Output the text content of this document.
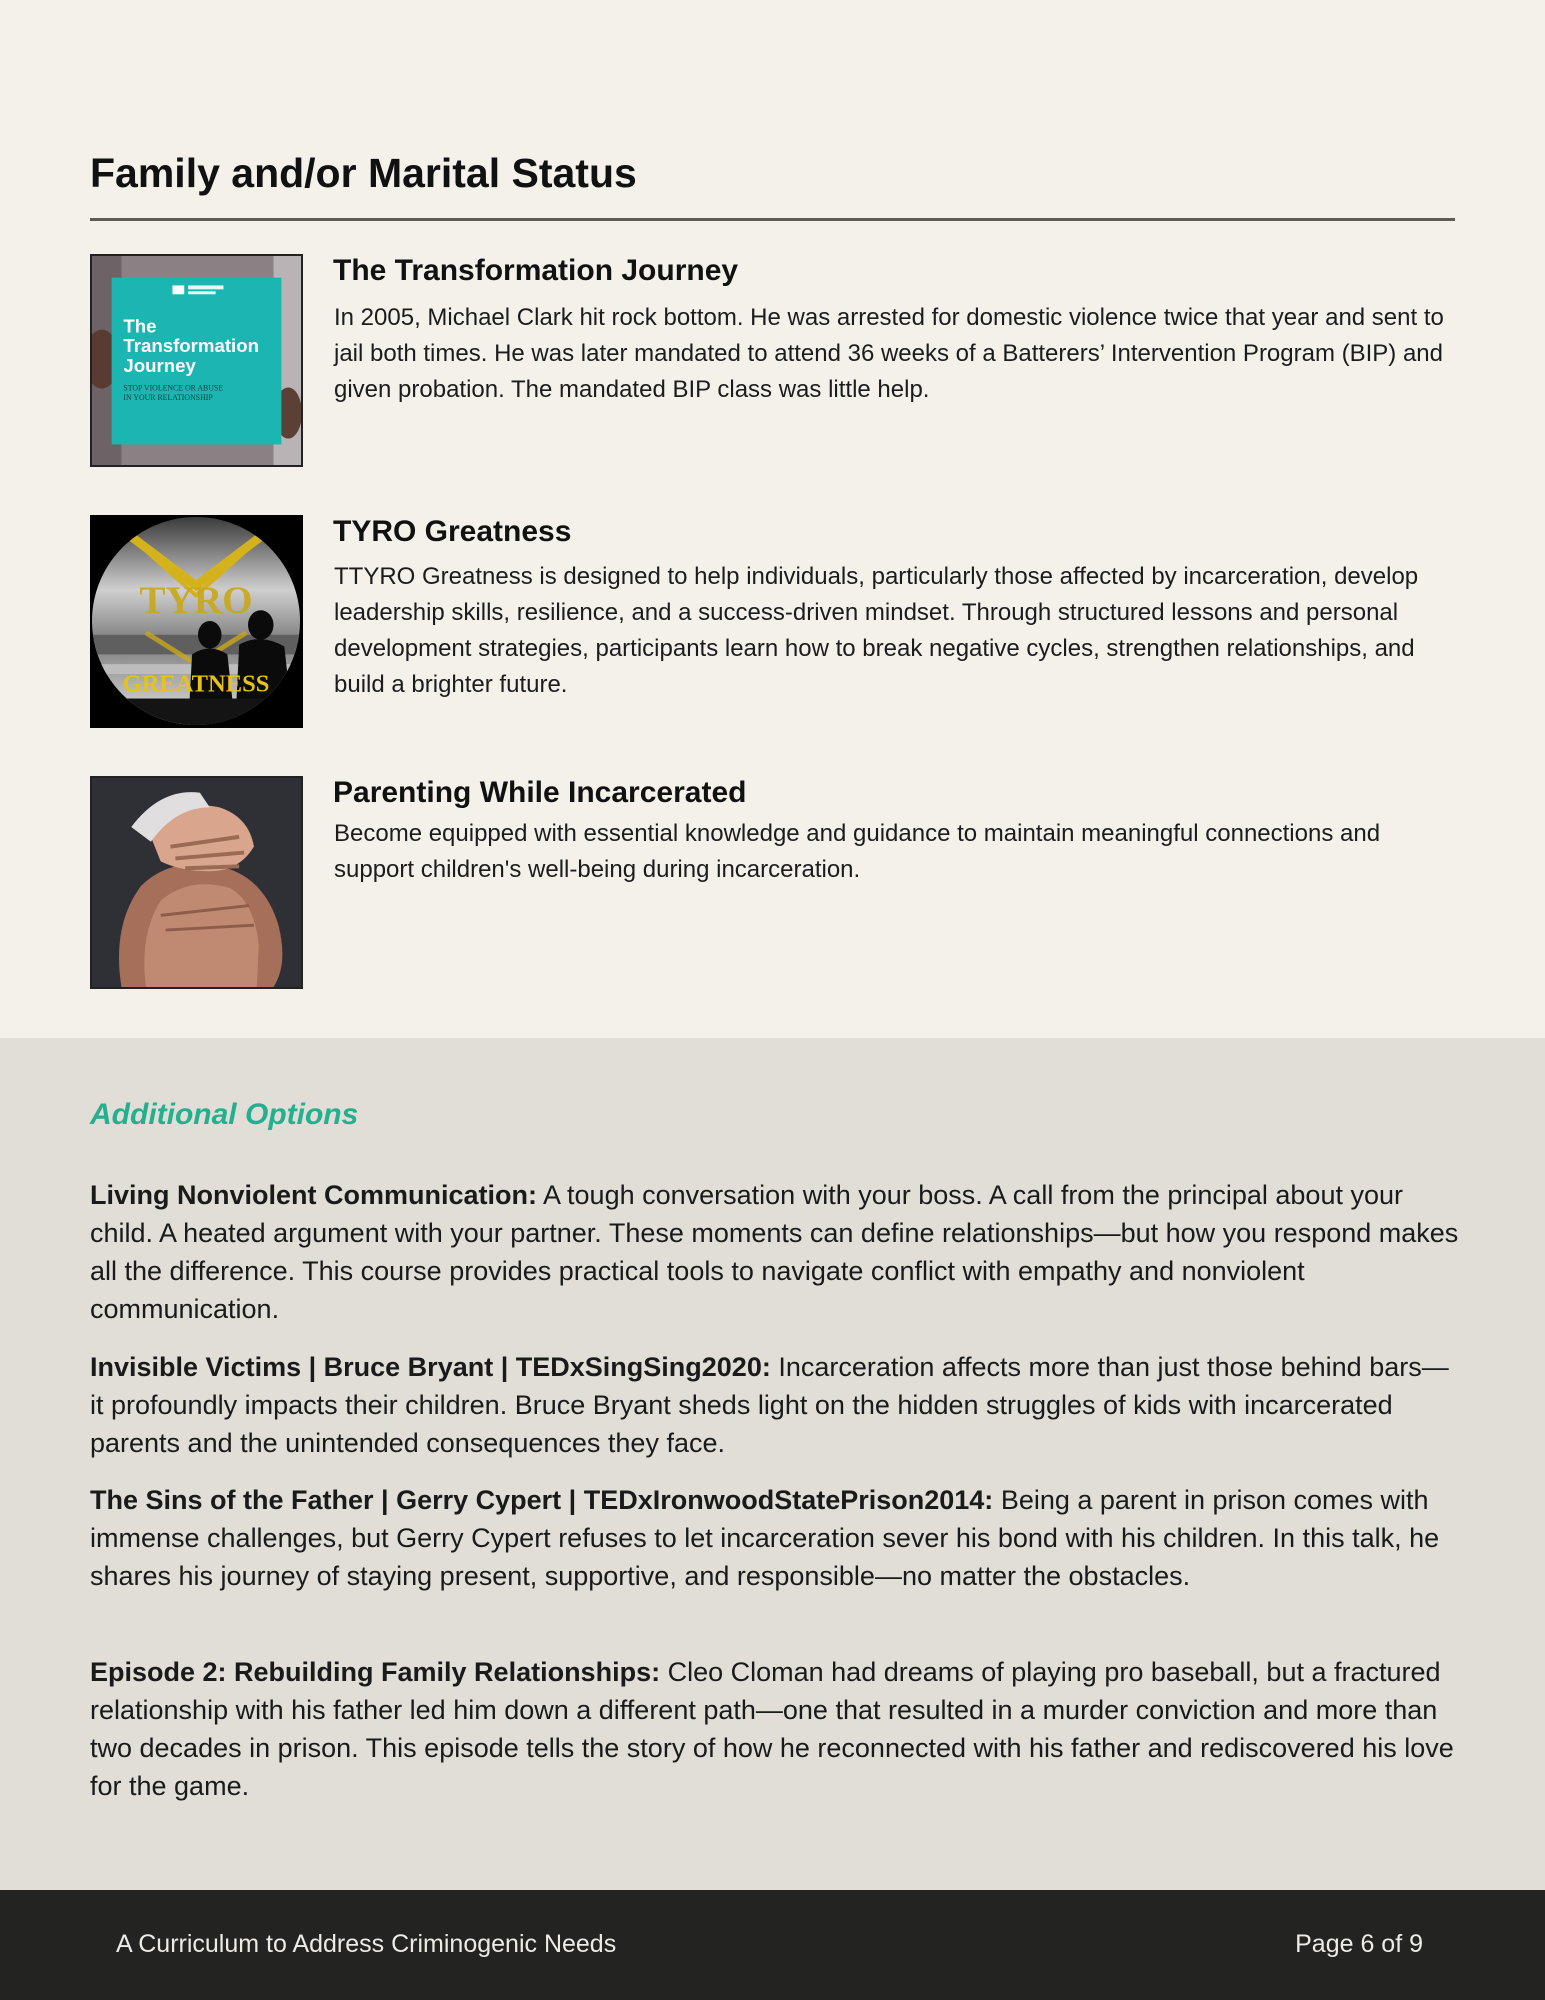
Family and/or Marital Status
The
Transformation
Journey
STOP VIOLENCE OR ABUSE
IN YOUR RELATIONSHIP
The Transformation Journey

In 2005, Michael Clark hit rock bottom. He was arrested for domestic violence twice that year and sent to jail both times. He was later mandated to attend 36 weeks of a Batterers’ Intervention Program (BIP) and given probation. The mandated BIP class was little help.

TYRO
GREATNESS
TYRO Greatness

TTYRO Greatness is designed to help individuals, particularly those affected by incarceration, develop leadership skills, resilience, and a success-driven mindset. Through structured lessons and personal development strategies, participants learn how to break negative cycles, strengthen relationships, and build a brighter future.

Parenting While Incarcerated

Become equipped with essential knowledge and guidance to maintain meaningful connections and support children's well-being during incarceration.

Additional Options

Living Nonviolent Communication: A tough conversation with your boss. A call from the principal about your child. A heated argument with your partner. These moments can define relationships—but how you respond makes all the difference. This course provides practical tools to navigate conflict with empathy and nonviolent communication.

Invisible Victims | Bruce Bryant | TEDxSingSing2020: Incarceration affects more than just those behind bars—it profoundly impacts their children. Bruce Bryant sheds light on the hidden struggles of kids with incarcerated parents and the unintended consequences they face.

The Sins of the Father | Gerry Cypert | TEDxIronwoodStatePrison2014: Being a parent in prison comes with immense challenges, but Gerry Cypert refuses to let incarceration sever his bond with his children. In this talk, he shares his journey of staying present, supportive, and responsible—no matter the obstacles.

Episode 2: Rebuilding Family Relationships: Cleo Cloman had dreams of playing pro baseball, but a fractured relationship with his father led him down a different path—one that resulted in a murder conviction and more than two decades in prison. This episode tells the story of how he reconnected with his father and rediscovered his love for the game.

A Curriculum to Address Criminogenic Needs	Page 6 of 9
